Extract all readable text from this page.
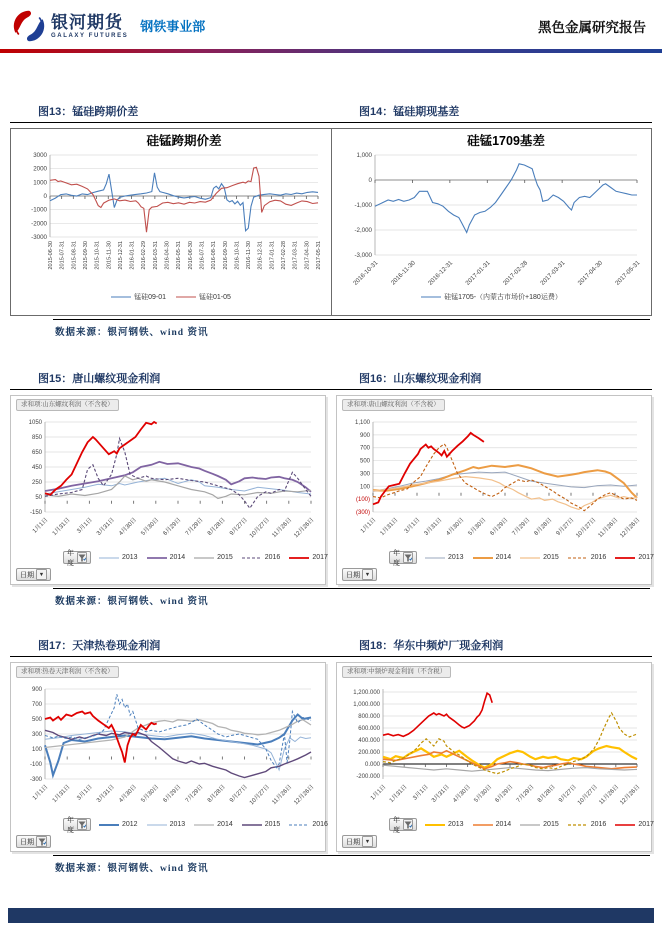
银河期货
GALAXY FUTURES
钢铁事业部	黑色金属研究报告
图13：锰硅跨期价差	图14：锰硅期现基差
硅锰跨期价差
3000
2000
1000
0
-1000
-2000
-3000
2015-06-30 2015-07-31 2015-08-31 2015-09-30 2015-10-31 2015-11-30 2015-12-31 2016-01-31 2016-02-29 2016-03-31 2016-04-30 2016-05-31 2016-06-30 2016-07-31 2016-08-31 2016-09-30 2016-10-31 2016-11-30 2016-12-31 2017-01-31 2017-02-28 2017-03-31 2017-04-30 2017-05-31
锰硅09-01	锰硅01-05
硅锰1709基差
1,000
0
-1,000
-2,000
-3,000
2016-10-31 2016-11-30 2016-12-31 2017-01-31 2017-02-28 2017-03-31 2017-04-30 2017-05-31
硅锰1705-（内蒙古市场价+180运费）
数据来源：银河钢铁、wind 资讯
图15：唐山螺纹现金利润	图16：山东螺纹现金利润
求和项:山东螺纹利润（不含税）
1050
850
650
450
250
50
-150
1月1日 1月31日 3月1日 3月31日 4月30日 5月30日 6月29日 7月29日 8月28日 9月27日 10月27日 11月26日 12月26日
年度
2013	2014	2015	2016	2017
日期 ▼
求和项:唐山螺纹利润（不含税）
1,100
900
700
500
300
100
(100)
(300)
1月1日 1月31日 3月1日 3月31日 4月30日 5月30日 6月29日 7月29日 8月28日 9月27日 10月27日 11月26日 12月26日
年度
2013	2014	2015	2016	2017
日期 ▼
数据来源：银河钢铁、wind 资讯
图17：天津热卷现金利润	图18：华东中频炉厂现金利润
求和项:热卷天津利润（不含税）
900
700
500
300
100
-100
-300
1月1日 1月31日 3月1日 3月31日 4月30日 5月30日 6月29日 7月29日 8月28日 9月27日 10月27日 11月26日 12月26日
年度
2012	2013	2014	2015	2016
日期
求和项:中频炉现金利润（不含税）
1,200.000
1,000.000
800.000
600.000
400.000
200.000
0.000
-200.000
1月1日 1月31日 3月1日 3月31日 4月30日 5月30日 6月29日 7月29日 8月28日 9月27日
10月27日 11月26日
12月26日
年度
2013	2014	2015	2016	2017
日期 ▼
数据来源：银河钢铁、wind 资讯
